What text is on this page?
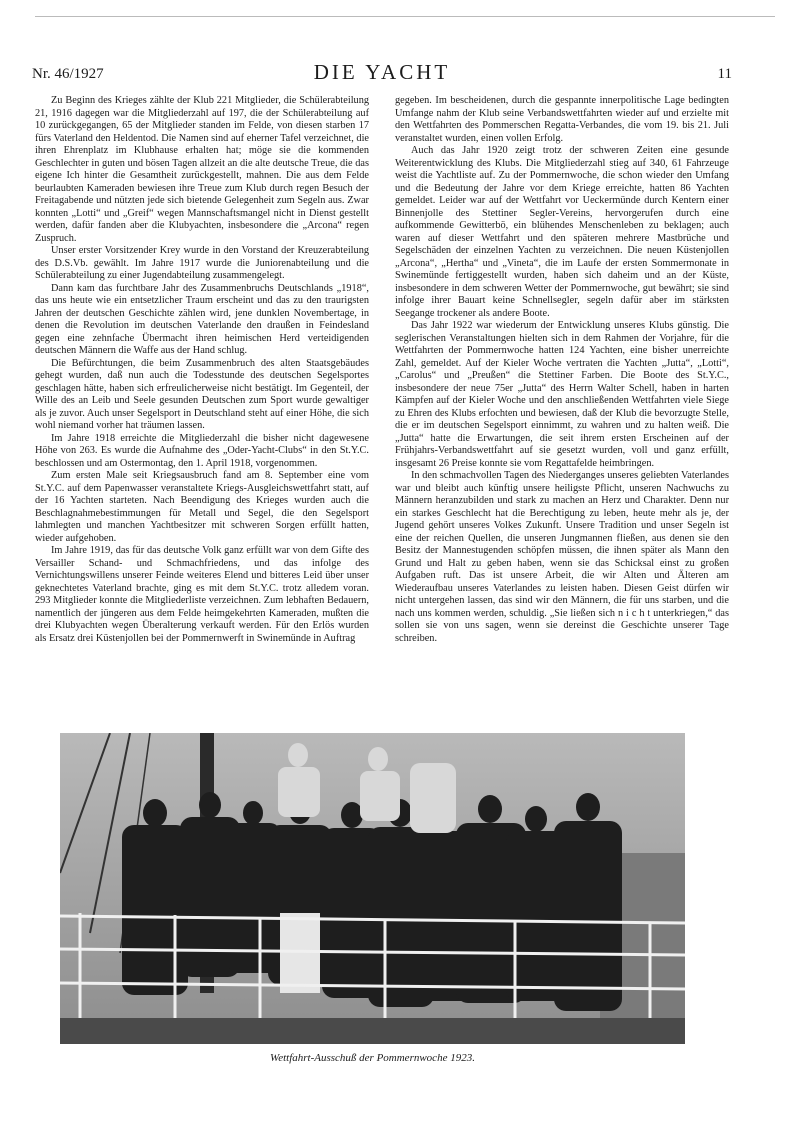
Nr. 46/1927	DIE YACHT	11

Zu Beginn des Krieges zählte der Klub 221 Mitglieder, die Schülerabteilung 21, 1916 dagegen war die Mitgliederzahl auf 197, die der Schülerabteilung auf 10 zurückgegangen, 65 der Mitglieder standen im Felde, von diesen starben 17 fürs Vaterland den Heldentod. Die Namen sind auf eherner Tafel verzeichnet, die ihren Ehrenplatz im Klubhause erhalten hat; möge sie die kommenden Geschlechter in guten und bösen Tagen allzeit an die alte deutsche Treue, die das eigene Ich hinter die Gesamtheit zurückgestellt, mahnen. Die aus dem Felde beurlaubten Kameraden bewiesen ihre Treue zum Klub durch regen Besuch der Freitagabende und nützten jede sich bietende Gelegenheit zum Segeln aus. Zwar konnten „Lotti“ und „Greif“ wegen Mannschaftsmangel nicht in Dienst gestellt werden, dafür fanden aber die Klubyachten, insbesondere die „Arcona“ regen Zuspruch.

Unser erster Vorsitzender Krey wurde in den Vorstand der Kreuzerabteilung des D.S.Vb. gewählt. Im Jahre 1917 wurde die Juniorenabteilung und die Schülerabteilung zu einer Jugendabteilung zusammengelegt.

Dann kam das furchtbare Jahr des Zusammenbruchs Deutschlands „1918“, das uns heute wie ein entsetzlicher Traum erscheint und das zu den traurigsten Jahren der deutschen Geschichte zählen wird, jene dunklen Novembertage, in denen die Revolution im deutschen Vaterlande den draußen in Feindesland gegen eine zehnfache Übermacht ihren heimischen Herd verteidigenden deutschen Männern die Waffe aus der Hand schlug.

Die Befürchtungen, die beim Zusammenbruch des alten Staatsgebäudes gehegt wurden, daß nun auch die Todesstunde des deutschen Segelsportes geschlagen hätte, haben sich erfreulicherweise nicht bestätigt. Im Gegenteil, der Wille des an Leib und Seele gesunden Deutschen zum Sport wurde gewaltiger als je zuvor. Auch unser Segelsport in Deutschland steht auf einer Höhe, die sich wohl niemand vorher hat träumen lassen.

Im Jahre 1918 erreichte die Mitgliederzahl die bisher nicht dagewesene Höhe von 263. Es wurde die Aufnahme des „Oder-Yacht-Clubs“ in den St.Y.C. beschlossen und am Ostermontag, den 1. April 1918, vorgenommen.

Zum ersten Male seit Kriegsausbruch fand am 8. September eine vom St.Y.C. auf dem Papenwasser veranstaltete Kriegs-Ausgleichswettfahrt statt, auf der 16 Yachten starteten. Nach Beendigung des Krieges wurden auch die Beschlagnahmebestimmungen für Metall und Segel, die den Segelsport lahmlegten und manchen Yachtbesitzer mit schweren Sorgen erfüllt hatten, wieder aufgehoben.

Im Jahre 1919, das für das deutsche Volk ganz erfüllt war von dem Gifte des Versailler Schand- und Schmachfriedens, und das infolge des Vernichtungswillens unserer Feinde weiteres Elend und bitteres Leid über unser geknechtetes Vaterland brachte, ging es mit dem St.Y.C. trotz alledem voran. 293 Mitglieder konnte die Mitgliederliste verzeichnen. Zum lebhaften Bedauern, namentlich der jüngeren aus dem Felde heimgekehrten Kameraden, mußten die drei Klubyachten wegen Überalterung verkauft werden. Für den Erlös wurden als Ersatz drei Küstenjollen bei der Pommernwerft in Swinemünde in Auftrag

gegeben. Im bescheidenen, durch die gespannte innerpolitische Lage bedingten Umfange nahm der Klub seine Verbandswettfahrten wieder auf und erzielte mit den Wettfahrten des Pommerschen Regatta-Verbandes, die vom 19. bis 21. Juli veranstaltet wurden, einen vollen Erfolg.

Auch das Jahr 1920 zeigt trotz der schweren Zeiten eine gesunde Weiterentwicklung des Klubs. Die Mitgliederzahl stieg auf 340, 61 Fahrzeuge weist die Yachtliste auf. Zu der Pommernwoche, die schon wieder den Umfang und die Bedeutung der Jahre vor dem Kriege erreichte, hatten 86 Yachten gemeldet. Leider war auf der Wettfahrt vor Ueckermünde durch Kentern einer Binnenjolle des Stettiner Segler-Vereins, hervorgerufen durch eine aufkommende Gewitterbö, ein blühendes Menschenleben zu beklagen; auch waren auf dieser Wettfahrt und den späteren mehrere Mastbrüche und Segelschäden der einzelnen Yachten zu verzeichnen. Die neuen Küstenjollen „Arcona“, „Hertha“ und „Vineta“, die im Laufe der ersten Sommermonate in Swinemünde fertiggestellt wurden, haben sich daheim und an der Küste, insbesondere in dem schweren Wetter der Pommernwoche, gut bewährt; sie sind infolge ihrer Bauart keine Schnellsegler, segeln dafür aber im stärksten Seegange trockener als andere Boote.

Das Jahr 1922 war wiederum der Entwicklung unseres Klubs günstig. Die seglerischen Veranstaltungen hielten sich in dem Rahmen der Vorjahre, für die Wettfahrten der Pommernwoche hatten 124 Yachten, eine bisher unerreichte Zahl, gemeldet. Auf der Kieler Woche vertraten die Yachten „Jutta“, „Lotti“, „Carolus“ und „Preußen“ die Stettiner Farben. Die Boote des St.Y.C., insbesondere der neue 75er „Jutta“ des Herrn Walter Schell, haben in harten Kämpfen auf der Kieler Woche und den anschließenden Wettfahrten viele Siege zu Ehren des Klubs erfochten und bewiesen, daß der Klub die bevorzugte Stelle, die er im deutschen Segelsport einnimmt, zu wahren und zu halten weiß. Die „Jutta“ hatte die Erwartungen, die seit ihrem ersten Erscheinen auf der Frühjahrs-Verbandswettfahrt auf sie gesetzt wurden, voll und ganz erfüllt, insgesamt 26 Preise konnte sie vom Regattafelde heimbringen.

In den schmachvollen Tagen des Niederganges unseres geliebten Vaterlandes war und bleibt auch künftig unsere heiligste Pflicht, unseren Nachwuchs zu Männern heranzubilden und stark zu machen an Herz und Charakter. Denn nur ein starkes Geschlecht hat die Berechtigung zu leben, heute mehr als je, der Jugend gehört unseres Volkes Zukunft. Unsere Tradition und unser Segeln ist eine der reichen Quellen, die unseren Jungmannen fließen, aus denen sie den Besitz der Mannestugenden schöpfen müssen, die ihnen später als Mann den Grund und Halt zu geben haben, wenn sie das Schicksal einst zu großen Aufgaben ruft. Das ist unsere Arbeit, die wir Alten und Älteren am Wiederaufbau unseres Vaterlandes zu leisten haben. Diesen Geist dürfen wir nicht untergehen lassen, das sind wir den Männern, die für uns starben, und die nach uns kommen werden, schuldig. „Sie ließen sich n i c h t unterkriegen,“ das sollen sie von uns sagen, wenn sie dereinst die Geschichte unserer Tage schreiben.

Wettfahrt-Ausschuß der Pommernwoche 1923.
